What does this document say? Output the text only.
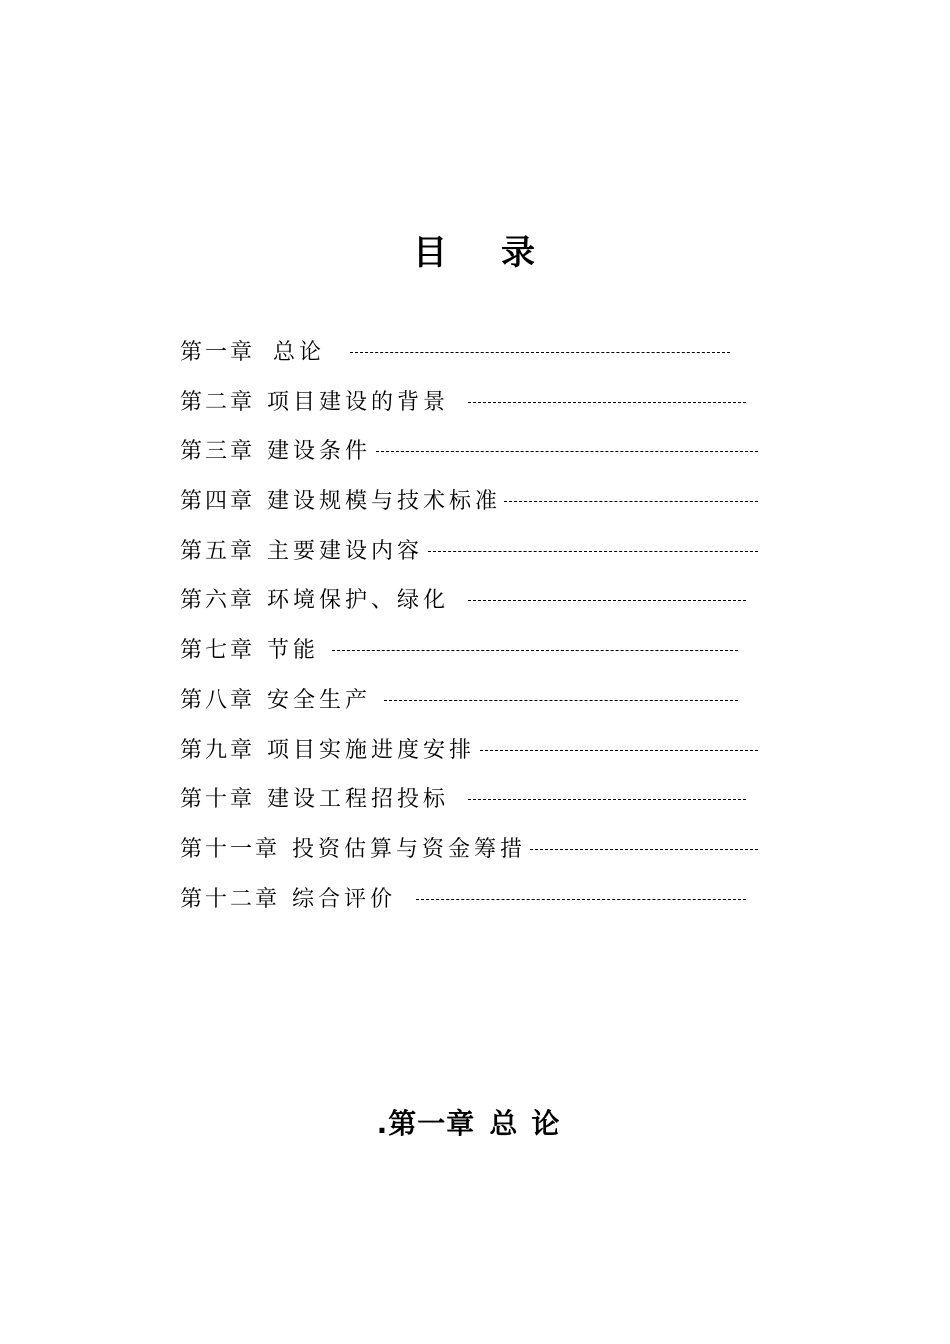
目 录
第一章 总论
第二章 项目建设的背景
第三章 建设条件
第四章 建设规模与技术标准
第五章 主要建设内容
第六章 环境保护、绿化
第七章 节能
第八章 安全生产
第九章 项目实施进度安排
第十章 建设工程招投标
第十一章 投资估算与资金筹措
第十二章 综合评价
.第一章 总论
